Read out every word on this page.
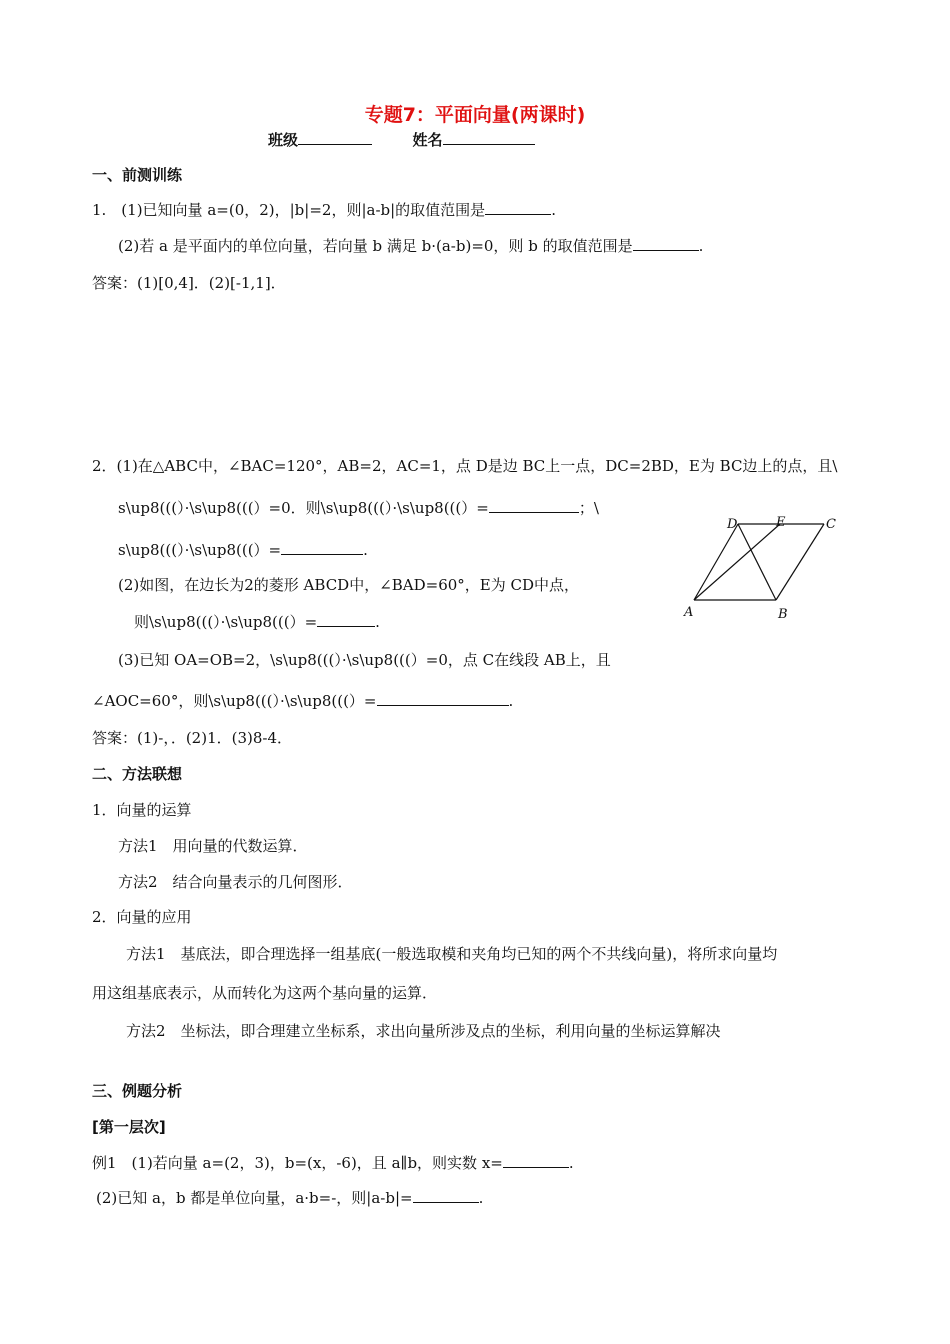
专题7：平面向量(两课时)
班级	姓名
一、前测训练
1.　(1)已知向量 a=(0，2)，|b|=2，则|a-b|的取值范围是	.
(2)若 a 是平面内的单位向量，若向量 b 满足 b·(a-b)=0，则 b 的取值范围是	.
答案：(1)[0,4]．(2)[-1,1]．
2．(1)在△ABC中，∠BAC=120°，AB=2，AC=1，点 D是边 BC上一点，DC=2BD，E为 BC边上的点，且\
s\up8(((）·\s\up8(((）=0．则\s\up8(((）·\s\up8(((）=	；\
s\up8(((）·\s\up8(((）=	.
(2)如图，在边长为2的菱形 ABCD中，∠BAD=60°，E为 CD中点，
则\s\up8(((）·\s\up8(((）=	.
(3)已知 OA=OB=2，\s\up8(((）·\s\up8(((）=0，点 C在线段 AB上，且
∠AOC=60°，则\s\up8(((）·\s\up8(((）=	.
答案：(1)-，．(2)1．(3)8-4．
A	B
C
D	E
二、方法联想
1．向量的运算
方法1　用向量的代数运算．
方法2　结合向量表示的几何图形．
2．向量的应用
方法1　基底法，即合理选择一组基底(一般选取模和夹角均已知的两个不共线向量)，将所求向量均
用这组基底表示，从而转化为这两个基向量的运算．
方法2　坐标法，即合理建立坐标系，求出向量所涉及点的坐标，利用向量的坐标运算解决
三、例题分析
[第一层次]
例1　(1)若向量 a=(2，3)，b=(x，-6)，且 a∥b，则实数 x=	.
(2)已知 a，b 都是单位向量，a·b=-，则|a-b|=	.
